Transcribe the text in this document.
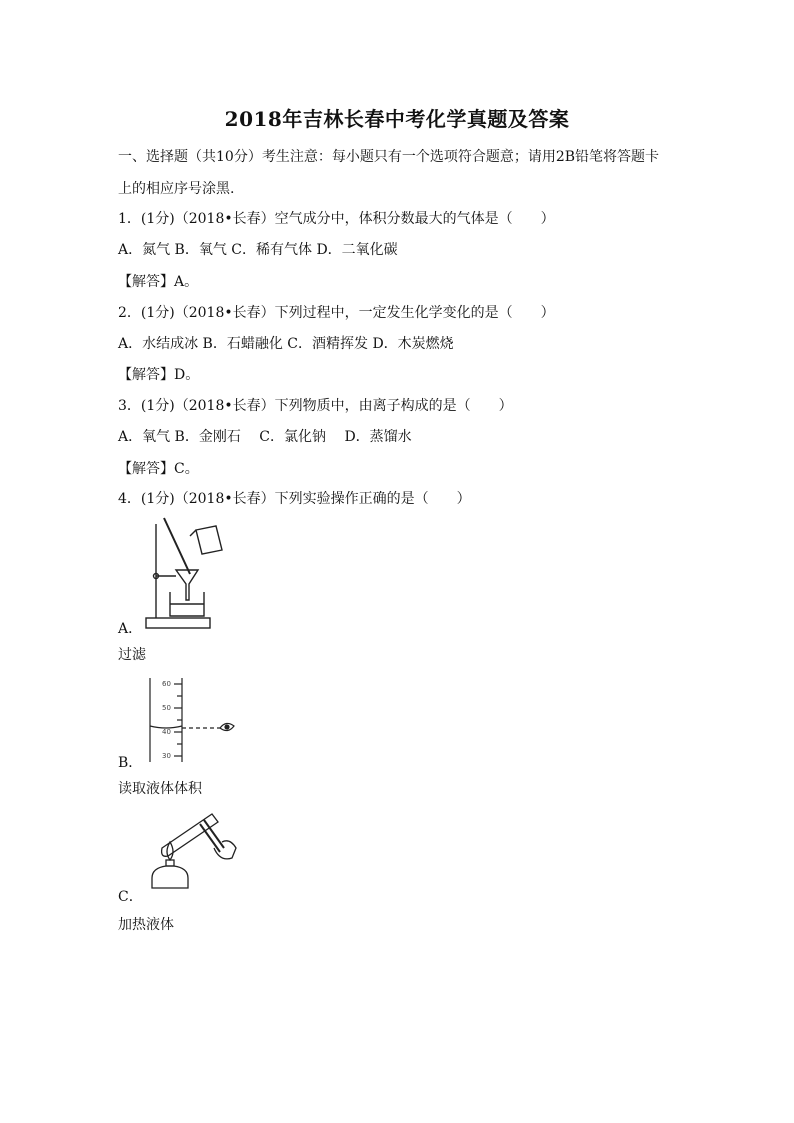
2018年吉林长春中考化学真题及答案
一、选择题（共10分）考生注意：每小题只有一个选项符合题意；请用2B铅笔将答题卡
上的相应序号涂黑.
1．(1分)（2018•长春）空气成分中，体积分数最大的气体是（　　）
A．氮气 B．氧气 C．稀有气体 D．二氧化碳
【解答】A。
2．(1分)（2018•长春）下列过程中，一定发生化学变化的是（　　）
A．水结成冰 B．石蜡融化 C．酒精挥发 D．木炭燃烧
【解答】D。
3．(1分)（2018•长春）下列物质中，由离子构成的是（　　）
A．氧气 B．金刚石　 C．氯化钠　 D．蒸馏水
【解答】C。
4．(1分)（2018•长春）下列实验操作正确的是（　　）
A．
过滤
60
50
40
30
B．
读取液体体积
C．
加热液体
